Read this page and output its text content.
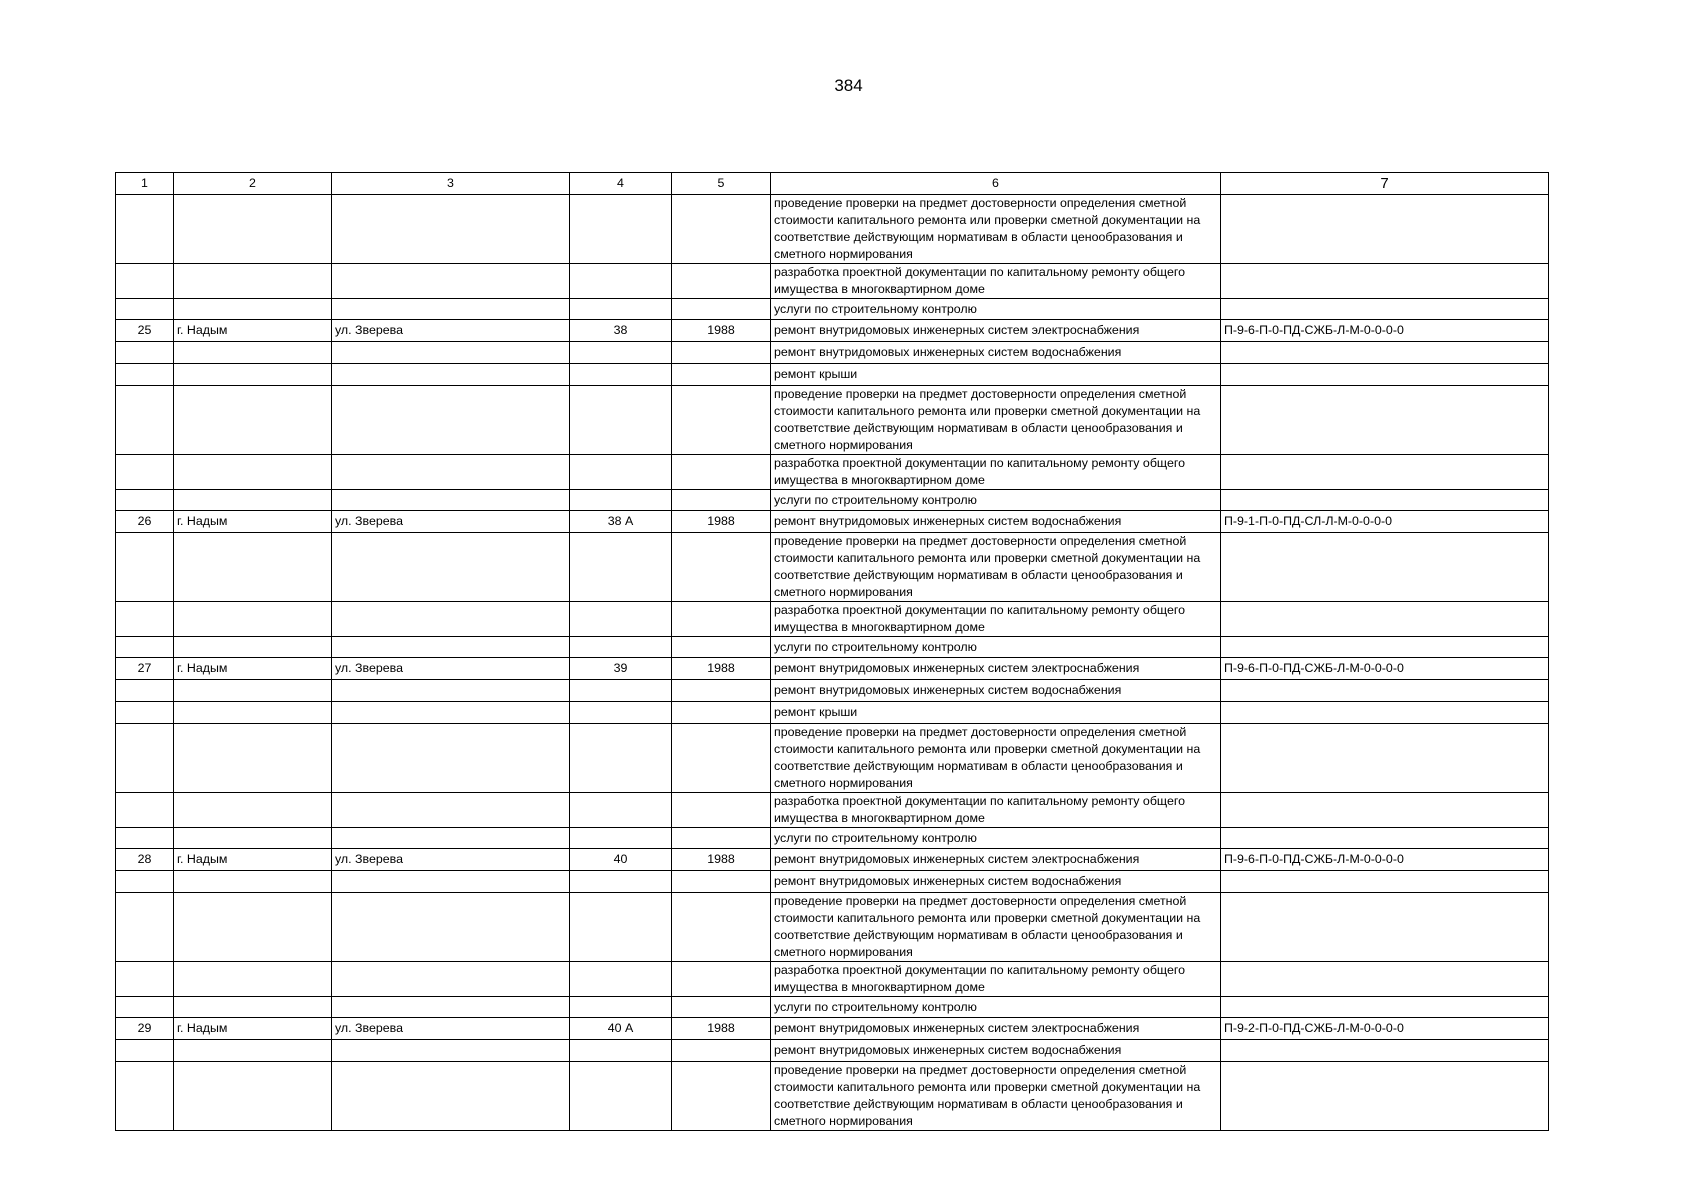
384
1	2	3	4	5	6	7
					проведение проверки на предмет достоверности определения сметной стоимости капитального ремонта или проверки сметной документации на соответствие действующим нормативам в области ценообразования и сметного нормирования	
					разработка проектной документации по капитальному ремонту общего имущества в многоквартирном доме	
					услуги по строительному контролю	
25	г. Надым	ул. Зверева	38	1988	ремонт внутридомовых инженерных систем электроснабжения	П-9-6-П-0-ПД-СЖБ-Л-М-0-0-0-0
					ремонт внутридомовых инженерных систем водоснабжения	
					ремонт крыши	
					проведение проверки на предмет достоверности определения сметной стоимости капитального ремонта или проверки сметной документации на соответствие действующим нормативам в области ценообразования и сметного нормирования	
					разработка проектной документации по капитальному ремонту общего имущества в многоквартирном доме	
					услуги по строительному контролю	
26	г. Надым	ул. Зверева	38 А	1988	ремонт внутридомовых инженерных систем водоснабжения	П-9-1-П-0-ПД-СЛ-Л-М-0-0-0-0
					проведение проверки на предмет достоверности определения сметной стоимости капитального ремонта или проверки сметной документации на соответствие действующим нормативам в области ценообразования и сметного нормирования	
					разработка проектной документации по капитальному ремонту общего имущества в многоквартирном доме	
					услуги по строительному контролю	
27	г. Надым	ул. Зверева	39	1988	ремонт внутридомовых инженерных систем электроснабжения	П-9-6-П-0-ПД-СЖБ-Л-М-0-0-0-0
					ремонт внутридомовых инженерных систем водоснабжения	
					ремонт крыши	
					проведение проверки на предмет достоверности определения сметной стоимости капитального ремонта или проверки сметной документации на соответствие действующим нормативам в области ценообразования и сметного нормирования	
					разработка проектной документации по капитальному ремонту общего имущества в многоквартирном доме	
					услуги по строительному контролю	
28	г. Надым	ул. Зверева	40	1988	ремонт внутридомовых инженерных систем электроснабжения	П-9-6-П-0-ПД-СЖБ-Л-М-0-0-0-0
					ремонт внутридомовых инженерных систем водоснабжения	
					проведение проверки на предмет достоверности определения сметной стоимости капитального ремонта или проверки сметной документации на соответствие действующим нормативам в области ценообразования и сметного нормирования	
					разработка проектной документации по капитальному ремонту общего имущества в многоквартирном доме	
					услуги по строительному контролю	
29	г. Надым	ул. Зверева	40 А	1988	ремонт внутридомовых инженерных систем электроснабжения	П-9-2-П-0-ПД-СЖБ-Л-М-0-0-0-0
					ремонт внутридомовых инженерных систем водоснабжения	
					проведение проверки на предмет достоверности определения сметной стоимости капитального ремонта или проверки сметной документации на соответствие действующим нормативам в области ценообразования и сметного нормирования	
